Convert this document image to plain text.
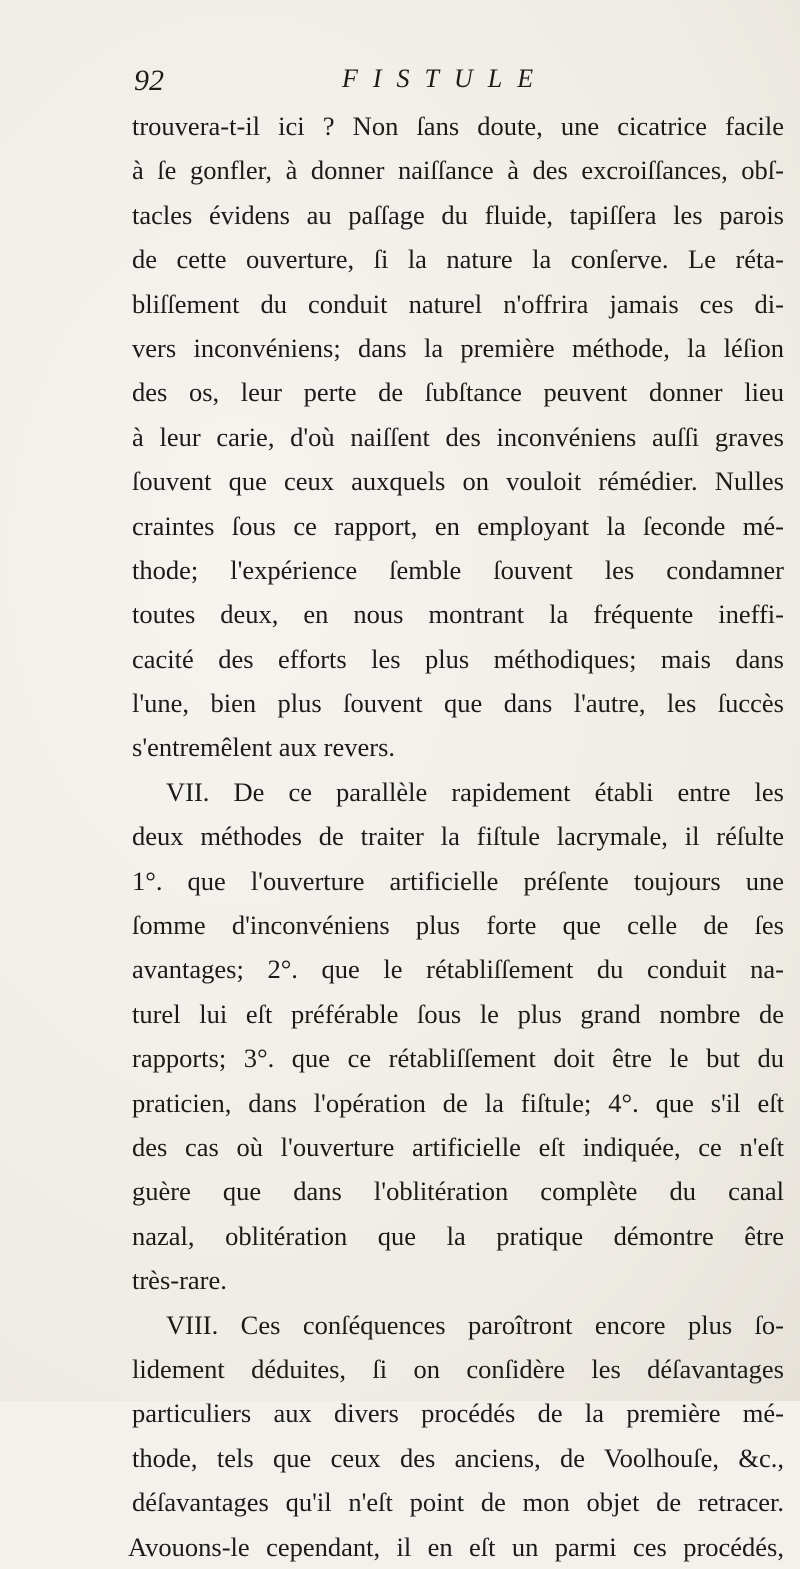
92	FISTULE
trouvera-t-il ici ? Non ſans doute, une cicatrice facile
à ſe gonfler, à donner naiſſance à des excroiſſances, obſ-
tacles évidens au paſſage du fluide, tapiſſera les parois
de cette ouverture, ſi la nature la conſerve. Le réta-
bliſſement du conduit naturel n'offrira jamais ces di-
vers inconvéniens; dans la première méthode, la léſion
des os, leur perte de ſubſtance peuvent donner lieu
à leur carie, d'où naiſſent des inconvéniens auſſi graves
ſouvent que ceux auxquels on vouloit rémédier. Nulles
craintes ſous ce rapport, en employant la ſeconde mé-
thode; l'expérience ſemble ſouvent les condamner
toutes deux, en nous montrant la fréquente ineffi-
cacité des efforts les plus méthodiques; mais dans
l'une, bien plus ſouvent que dans l'autre, les ſuccès
s'entremêlent aux revers.
VII. De ce parallèle rapidement établi entre les
deux méthodes de traiter la fiſtule lacrymale, il réſulte
1°. que l'ouverture artificielle préſente toujours une
ſomme d'inconvéniens plus forte que celle de ſes
avantages; 2°. que le rétabliſſement du conduit na-
turel lui eſt préférable ſous le plus grand nombre de
rapports; 3°. que ce rétabliſſement doit être le but du
praticien, dans l'opération de la fiſtule; 4°. que s'il eſt
des cas où l'ouverture artificielle eſt indiquée, ce n'eſt
guère que dans l'oblitération complète du canal
nazal, oblitération que la pratique démontre être
très-rare.
VIII. Ces conſéquences paroîtront encore plus ſo-
lidement déduites, ſi on conſidère les déſavantages
particuliers aux divers procédés de la première mé-
thode, tels que ceux des anciens, de Voolhouſe, &c.,
déſavantages qu'il n'eſt point de mon objet de retracer.
Avouons-le cependant, il en eſt un parmi ces procédés,
